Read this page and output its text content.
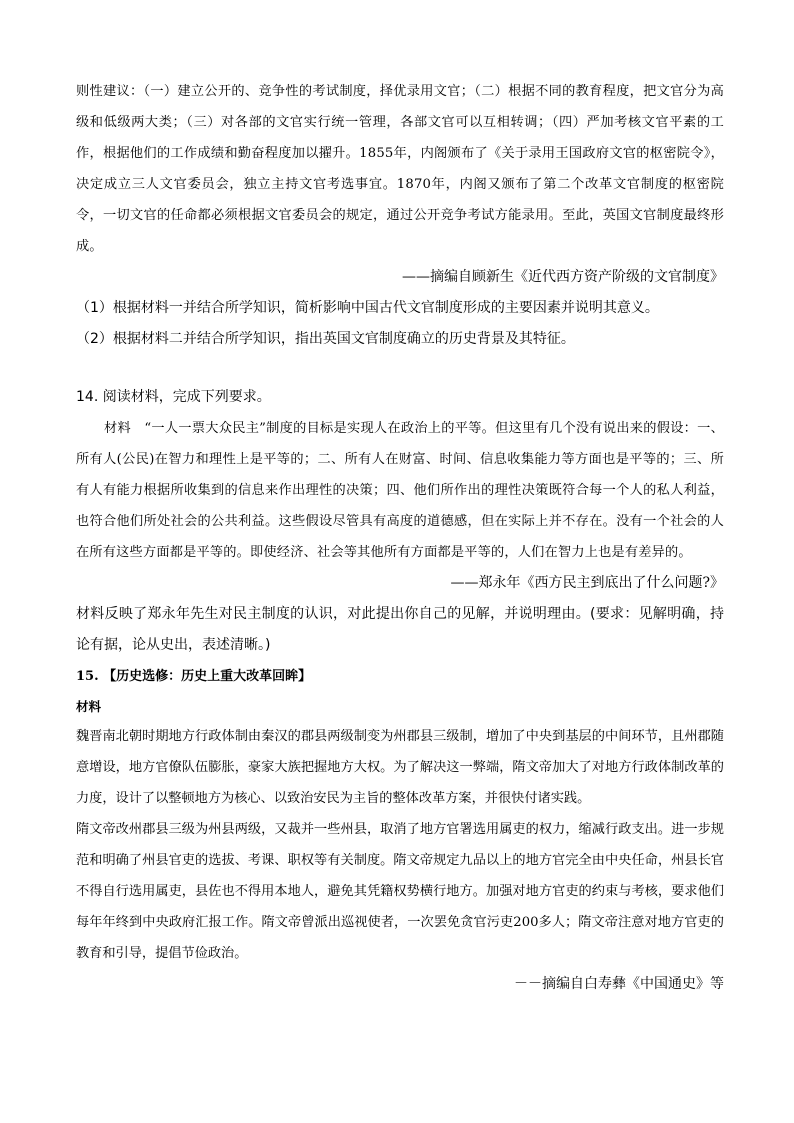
则性建议：（一）建立公开的、竞争性的考试制度，择优录用文官；（二）根据不同的教育程度，把文官分为高级和低级两大类；（三）对各部的文官实行统一管理，各部文官可以互相转调；（四）严加考核文官平素的工作，根据他们的工作成绩和勤奋程度加以擢升。1855年，内阁颁布了《关于录用王国政府文官的枢密院令》，决定成立三人文官委员会，独立主持文官考选事宜。1870年，内阁又颁布了第二个改革文官制度的枢密院令，一切文官的任命都必须根据文官委员会的规定，通过公开竞争考试方能录用。至此，英国文官制度最终形成。

——摘编自顾新生《近代西方资产阶级的文官制度》

（1）根据材料一并结合所学知识，简析影响中国古代文官制度形成的主要因素并说明其意义。

（2）根据材料二并结合所学知识，指出英国文官制度确立的历史背景及其特征。

14. 阅读材料，完成下列要求。

材料　“一人一票大众民主”制度的目标是实现人在政治上的平等。但这里有几个没有说出来的假设：一、所有人(公民)在智力和理性上是平等的；二、所有人在财富、时间、信息收集能力等方面也是平等的；三、所有人有能力根据所收集到的信息来作出理性的决策；四、他们所作出的理性决策既符合每一个人的私人利益，也符合他们所处社会的公共利益。这些假设尽管具有高度的道德感，但在实际上并不存在。没有一个社会的人在所有这些方面都是平等的。即使经济、社会等其他所有方面都是平等的，人们在智力上也是有差异的。

——郑永年《西方民主到底出了什么问题?》

材料反映了郑永年先生对民主制度的认识，对此提出你自己的见解，并说明理由。(要求：见解明确，持论有据，论从史出，表述清晰。)

15. 【历史选修：历史上重大改革回眸】

材料

魏晋南北朝时期地方行政体制由秦汉的郡县两级制变为州郡县三级制，增加了中央到基层的中间环节，且州郡随意增设，地方官僚队伍膨胀，豪家大族把握地方大权。为了解决这一弊端，隋文帝加大了对地方行政体制改革的力度，设计了以整顿地方为核心、以致治安民为主旨的整体改革方案，并很快付诸实践。

隋文帝改州郡县三级为州县两级，又裁并一些州县，取消了地方官署选用属吏的权力，缩减行政支出。进一步规范和明确了州县官吏的选拔、考课、职权等有关制度。隋文帝规定九品以上的地方官完全由中央任命，州县长官不得自行选用属吏，县佐也不得用本地人，避免其凭籍权势横行地方。加强对地方官吏的约束与考核，要求他们每年年终到中央政府汇报工作。隋文帝曾派出巡视使者，一次罢免贪官污吏200多人；隋文帝注意对地方官吏的教育和引导，提倡节俭政治。

－－摘编自白寿彝《中国通史》等
